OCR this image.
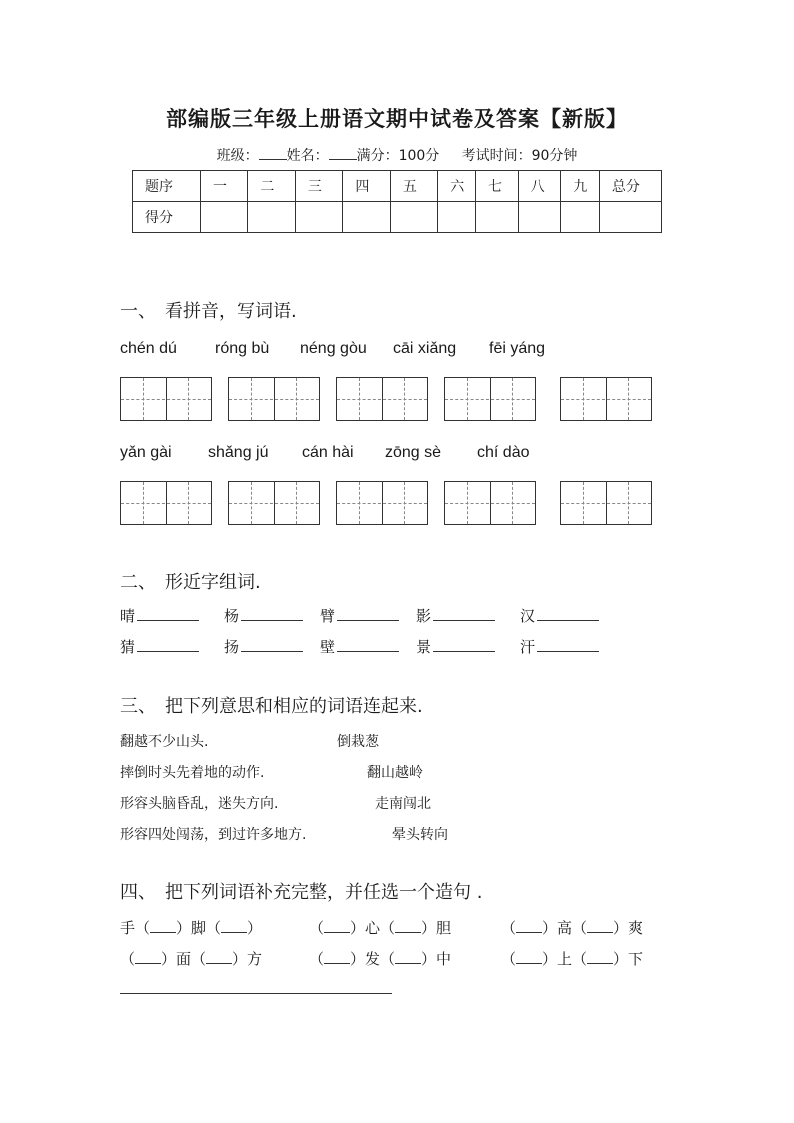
部编版三年级上册语文期中试卷及答案【新版】
班级： 姓名： 满分：100分 考试时间：90分钟
题序	一	二	三	四	五	六	七	八	九	总分
得分										
一、　看拼音，写词语.
chén dú róng bù néng gòu cāi xiǎng fēi yáng
yǎn gài shǎng jú cán hài zōng sè chí dào
二、　形近字组词.
晴	杨	臂	影	汉
猜	扬	壁	景	汗
三、　把下列意思和相应的词语连起来.
翻越不少山头.	倒栽葱
摔倒时头先着地的动作.	翻山越岭
形容头脑昏乱，迷失方向.	走南闯北
形容四处闯荡，到过许多地方.	晕头转向
四、　把下列词语补充完整，并任选一个造句 .
手（ ）脚（ ）	（ ）心（ ）胆	（ ）高（ ）爽
（ ）面（ ）方	（ ）发（ ）中	（ ）上（ ）下
